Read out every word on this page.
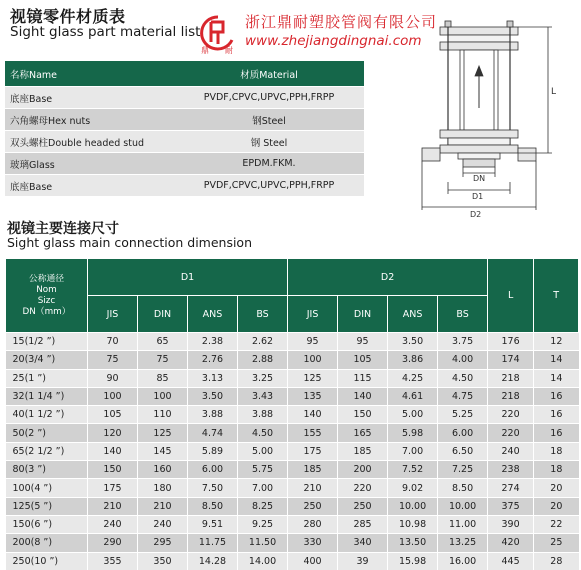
视镜零件材质表
Sight glass part material list
鼎 耐
浙江鼎耐塑胶管阀有限公司
www.zhejiangdingnai.com
L
DN
D1
D2
名称Name	材质Material
底座Base	PVDF,CPVC,UPVC,PPH,FRPP
六角螺母Hex nuts	钢Steel
双头螺柱Double headed stud	钢 Steel
玻璃Glass	EPDM.FKM.
底座Base	PVDF,CPVC,UPVC,PPH,FRPP
视镜主要连接尺寸
Sight glass main connection dimension
公称通径
Nom
Sizc
DN（mm）	D1				D2				L	T
	JIS	DIN	ANS	BS	JIS	DIN	ANS	BS		
15(1/2 ”)	70	65	2.38	2.62	95	95	3.50	3.75	176	12
20(3/4 ”)	75	75	2.76	2.88	100	105	3.86	4.00	174	14
25(1 ”)	90	85	3.13	3.25	125	115	4.25	4.50	218	14
32(1 1/4 ”)	100	100	3.50	3.43	135	140	4.61	4.75	218	16
40(1 1/2 ”)	105	110	3.88	3.88	140	150	5.00	5.25	220	16
50(2 ”)	120	125	4.74	4.50	155	165	5.98	6.00	220	16
65(2 1/2 ”)	140	145	5.89	5.00	175	185	7.00	6.50	240	18
80(3 ”)	150	160	6.00	5.75	185	200	7.52	7.25	238	18
100(4 ”)	175	180	7.50	7.00	210	220	9.02	8.50	274	20
125(5 ”)	210	210	8.50	8.25	250	250	10.00	10.00	375	20
150(6 ”)	240	240	9.51	9.25	280	285	10.98	11.00	390	22
200(8 ”)	290	295	11.75	11.50	330	340	13.50	13.25	420	25
250(10 ”)	355	350	14.28	14.00	400	39	15.98	16.00	445	28
